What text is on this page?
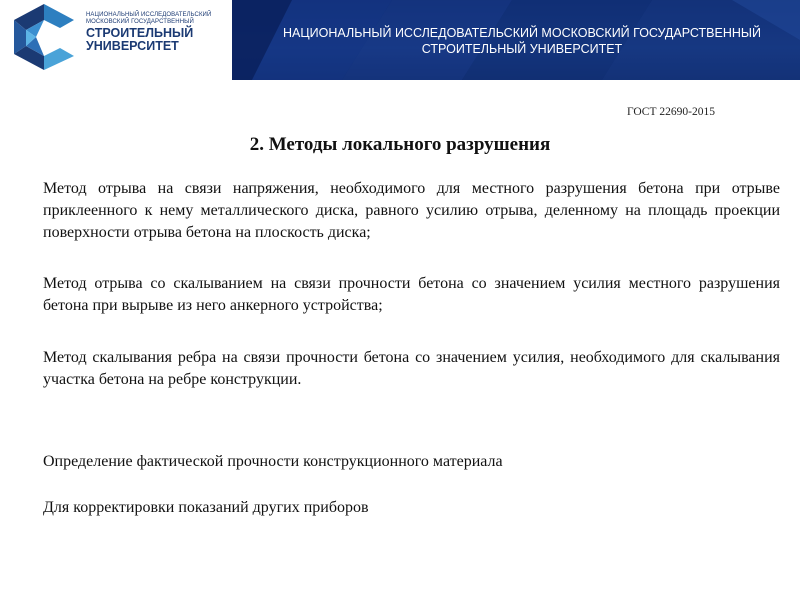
НАЦИОНАЛЬНЫЙ ИССЛЕДОВАТЕЛЬСКИЙ МОСКОВСКИЙ ГОСУДАРСТВЕННЫЙ
СТРОИТЕЛЬНЫЙ
УНИВЕРСИТЕТ
НАЦИОНАЛЬНЫЙ ИССЛЕДОВАТЕЛЬСКИЙ МОСКОВСКИЙ ГОСУДАРСТВЕННЫЙ
СТРОИТЕЛЬНЫЙ УНИВЕРСИТЕТ
ГОСТ 22690-2015
2. Методы локального разрушения
Метод отрыва на связи напряжения, необходимого для местного разрушения бетона при отрыве приклеенного к нему металлического диска, равного усилию отрыва, деленному на площадь проекции поверхности отрыва бетона на плоскость диска;
Метод отрыва со скалыванием на связи прочности бетона со значением усилия местного разрушения бетона при вырыве из него анкерного устройства;
Метод скалывания ребра на связи прочности бетона со значением усилия, необходимого для скалывания участка бетона на ребре конструкции.
Определение фактической прочности конструкционного материала
Для корректировки показаний других приборов
